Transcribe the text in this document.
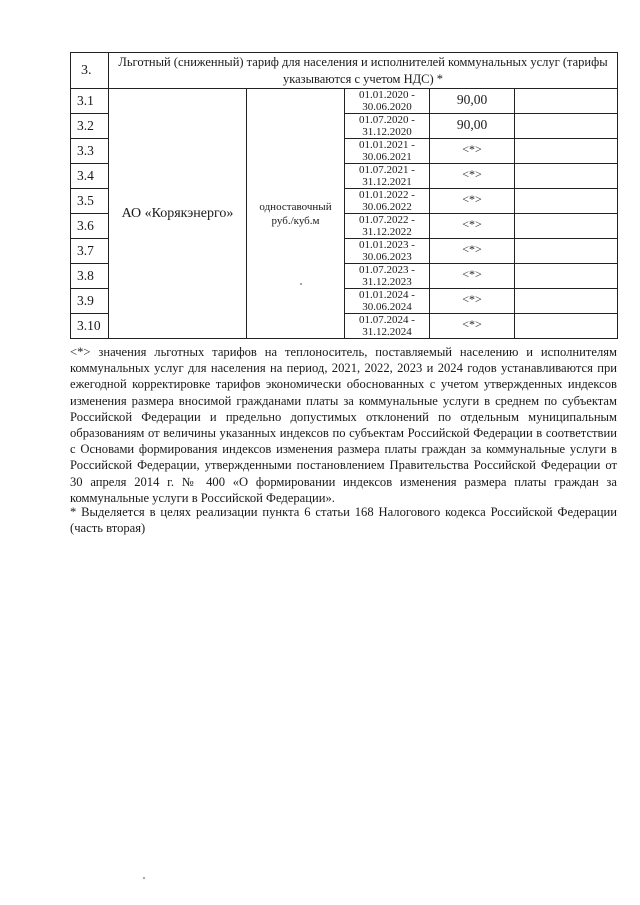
3.	Льготный (сниженный) тариф для населения и исполнителей коммунальных услуг (тарифы указываются с учетом НДС) *				
3.1	АО «Корякэнерго»	одноставочный руб./куб.м	01.01.2020 - 30.06.2020	90,00	
3.2			01.07.2020 - 31.12.2020	90,00	
3.3			01.01.2021 - 30.06.2021	<*>	
3.4			01.07.2021 - 31.12.2021	<*>	
3.5			01.01.2022 - 30.06.2022	<*>	
3.6			01.07.2022 - 31.12.2022	<*>	
3.7			01.01.2023 - 30.06.2023	<*>	
3.8			01.07.2023 - 31.12.2023	<*>	
3.9			01.01.2024 - 30.06.2024	<*>	
3.10			01.07.2024 - 31.12.2024	<*>	

<*> значения льготных тарифов на теплоноситель, поставляемый населению и исполнителям коммунальных услуг для населения на период, 2021, 2022, 2023 и 2024 годов устанавливаются при ежегодной корректировке тарифов экономически обоснованных с учетом утвержденных индексов изменения размера вносимой гражданами платы за коммунальные услуги в среднем по субъектам Российской Федерации и предельно допустимых отклонений по отдельным муниципальным образованиям от величины указанных индексов по субъектам Российской Федерации в соответствии с Основами формирования индексов изменения размера платы граждан за коммунальные услуги в Российской Федерации, утвержденными постановлением Правительства Российской Федерации от 30 апреля 2014 г. № 400 «О формировании индексов изменения размера платы граждан за коммунальные услуги в Российской Федерации».

* Выделяется в целях реализации пункта 6 статьи 168 Налогового кодекса Российской Федерации (часть вторая)
